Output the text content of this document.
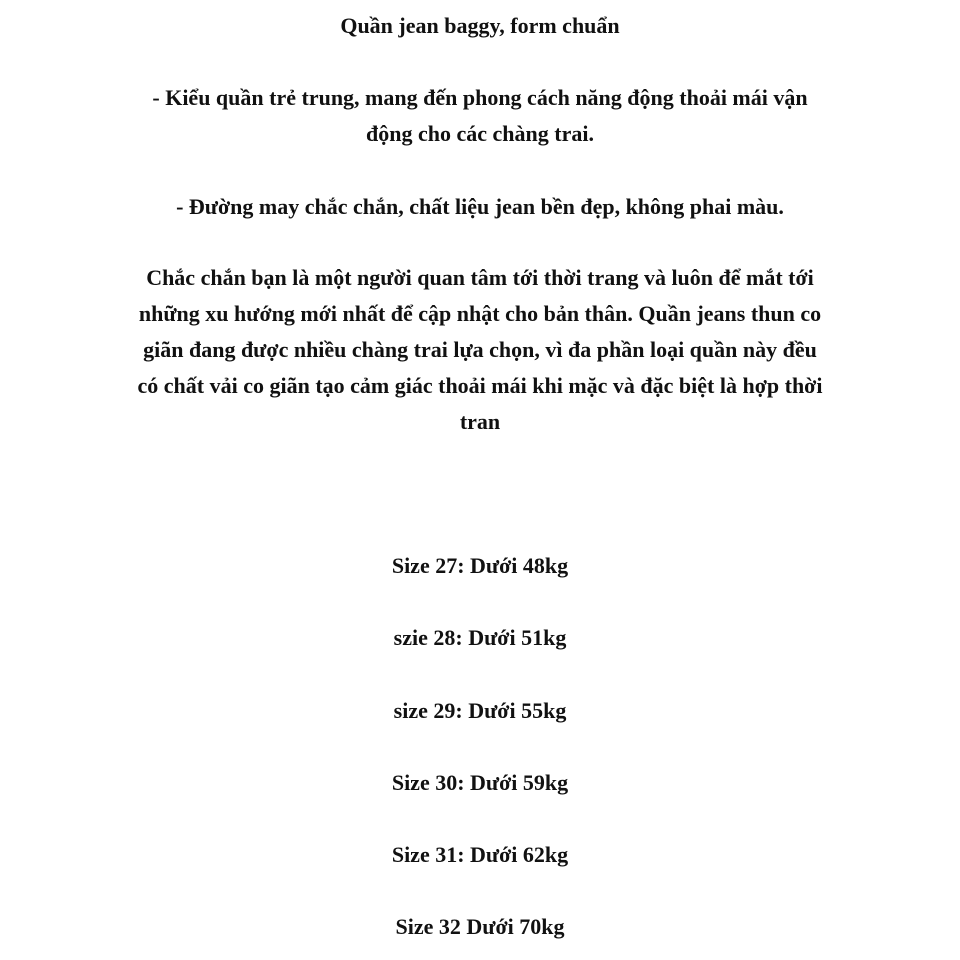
Quần jean baggy, form chuẩn
- Kiểu quần trẻ trung, mang đến phong cách năng động thoải mái vận
động cho các chàng trai.
- Đường may chắc chắn, chất liệu jean bền đẹp, không phai màu.
Chắc chắn bạn là một người quan tâm tới thời trang và luôn để mắt tới
những xu hướng mới nhất để cập nhật cho bản thân. Quần jeans thun co
giãn đang được nhiều chàng trai lựa chọn, vì đa phần loại quần này đều
có chất vải co giãn tạo cảm giác thoải mái khi mặc và đặc biệt là hợp thời
tran
Size 27: Dưới 48kg
szie 28: Dưới 51kg
size 29: Dưới 55kg
Size 30: Dưới 59kg
Size 31: Dưới 62kg
Size 32 Dưới 70kg
